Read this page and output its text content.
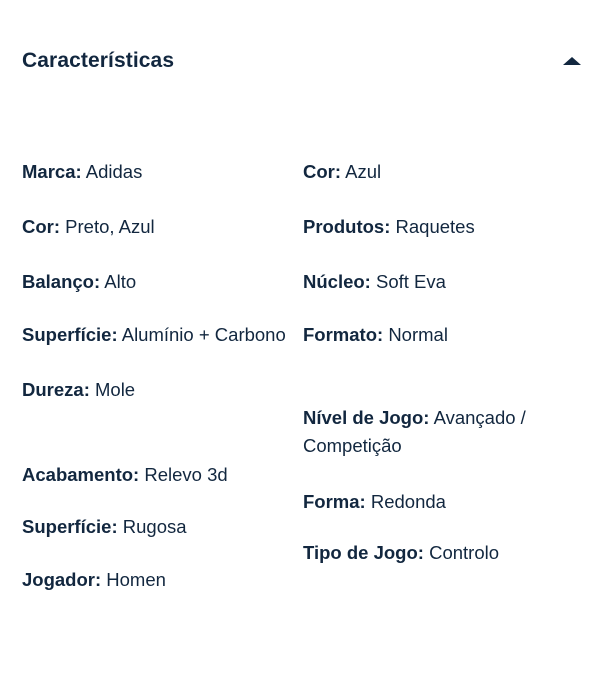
Características
Marca: Adidas
Cor: Preto, Azul
Balanço: Alto
Superfície: Alumínio + Carbono
Dureza: Mole
Acabamento: Relevo 3d
Superfície: Rugosa
Jogador: Homen
Cor: Azul
Produtos: Raquetes
Núcleo: Soft Eva
Formato: Normal
Nível de Jogo: Avançado / Competição
Forma: Redonda
Tipo de Jogo: Controlo
